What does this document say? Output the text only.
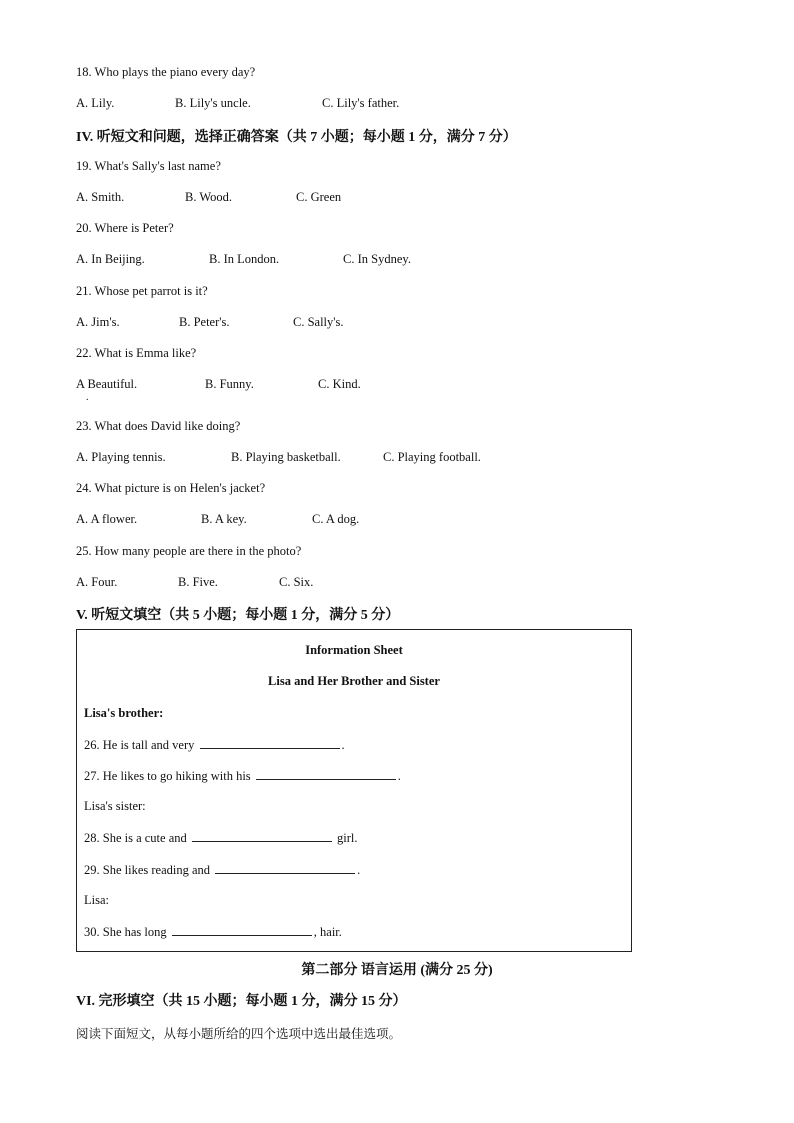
18. Who plays the piano every day?
A. Lily.	B. Lily's uncle.	C. Lily's father.
IV. 听短文和问题，选择正确答案（共 7 小题；每小题 1 分，满分 7 分）
19. What's Sally's last name?
A. Smith.	B. Wood.	C. Green
20. Where is Peter?
A. In Beijing.	B. In London.	C. In Sydney.
21. Whose pet parrot is it?
A. Jim's.	B. Peter's.	C. Sally's.
22. What is Emma like?
A Beautiful.	B. Funny.	C. Kind.
.
23. What does David like doing?
A. Playing tennis.	B. Playing basketball.	C. Playing football.
24. What picture is on Helen's jacket?
A. A flower.	B. A key.	C. A dog.
25. How many people are there in the photo?
A. Four.	B. Five.	C. Six.
V. 听短文填空（共 5 小题；每小题 1 分，满分 5 分）
Information Sheet
Lisa and Her Brother and Sister
Lisa's brother:
26. He is tall and very	.
27. He likes to go hiking with his	.
Lisa's sister:
28. She is a cute and	girl.
29. She likes reading and	.
Lisa:
30. She has long	, hair.
第二部分 语言运用 (满分 25 分)
VI. 完形填空（共 15 小题；每小题 1 分，满分 15 分）
阅读下面短文，从每小题所给的四个选项中选出最佳选项。
